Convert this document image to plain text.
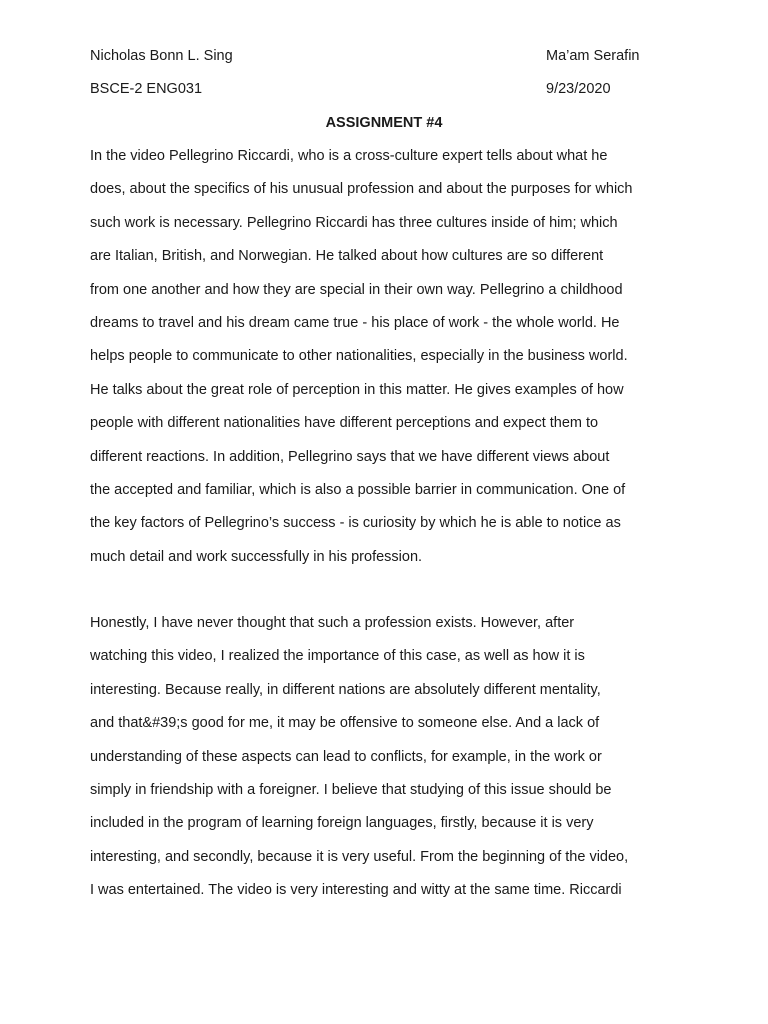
Nicholas Bonn L. Sing	Ma’am Serafin
BSCE-2 ENG031	9/23/2020
ASSIGNMENT #4
In the video Pellegrino Riccardi, who is a cross-culture expert tells about what he
does, about the specifics of his unusual profession and about the purposes for which
such work is necessary. Pellegrino Riccardi has three cultures inside of him; which
are Italian, British, and Norwegian. He talked about how cultures are so different
from one another and how they are special in their own way. Pellegrino a childhood
dreams to travel and his dream came true - his place of work - the whole world. He
helps people to communicate to other nationalities, especially in the business world.
He talks about the great role of perception in this matter. He gives examples of how
people with different nationalities have different perceptions and expect them to
different reactions. In addition, Pellegrino says that we have different views about
the accepted and familiar, which is also a possible barrier in communication. One of
the key factors of Pellegrino’s success - is curiosity by which he is able to notice as
much detail and work successfully in his profession.
Honestly, I have never thought that such a profession exists. However, after
watching this video, I realized the importance of this case, as well as how it is
interesting. Because really, in different nations are absolutely different mentality,
and that&#39;s good for me, it may be offensive to someone else. And a lack of
understanding of these aspects can lead to conflicts, for example, in the work or
simply in friendship with a foreigner. I believe that studying of this issue should be
included in the program of learning foreign languages, firstly, because it is very
interesting, and secondly, because it is very useful. From the beginning of the video,
I was entertained. The video is very interesting and witty at the same time. Riccardi
